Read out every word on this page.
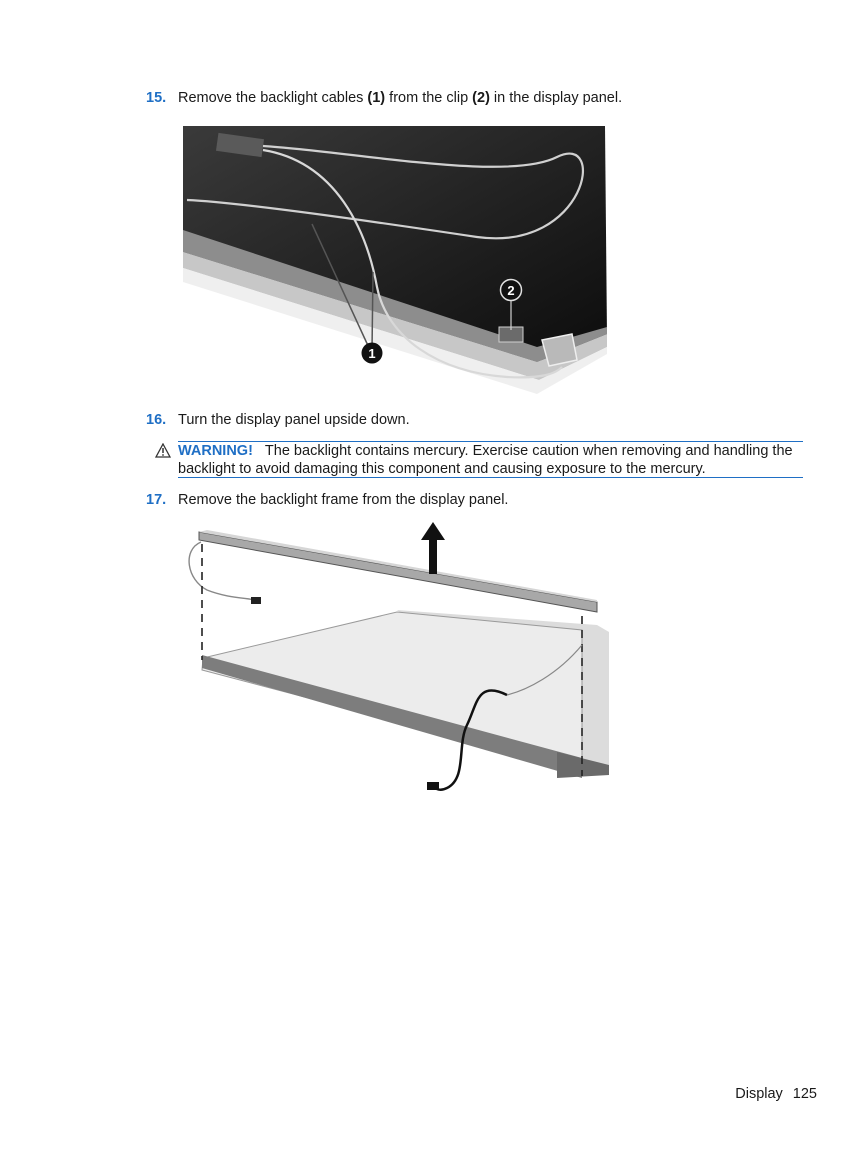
15. Remove the backlight cables (1) from the clip (2) in the display panel.
1
2
16. Turn the display panel upside down.
WARNING! The backlight contains mercury. Exercise caution when removing and handling the backlight to avoid damaging this component and causing exposure to the mercury.
17. Remove the backlight frame from the display panel.
Display 125
